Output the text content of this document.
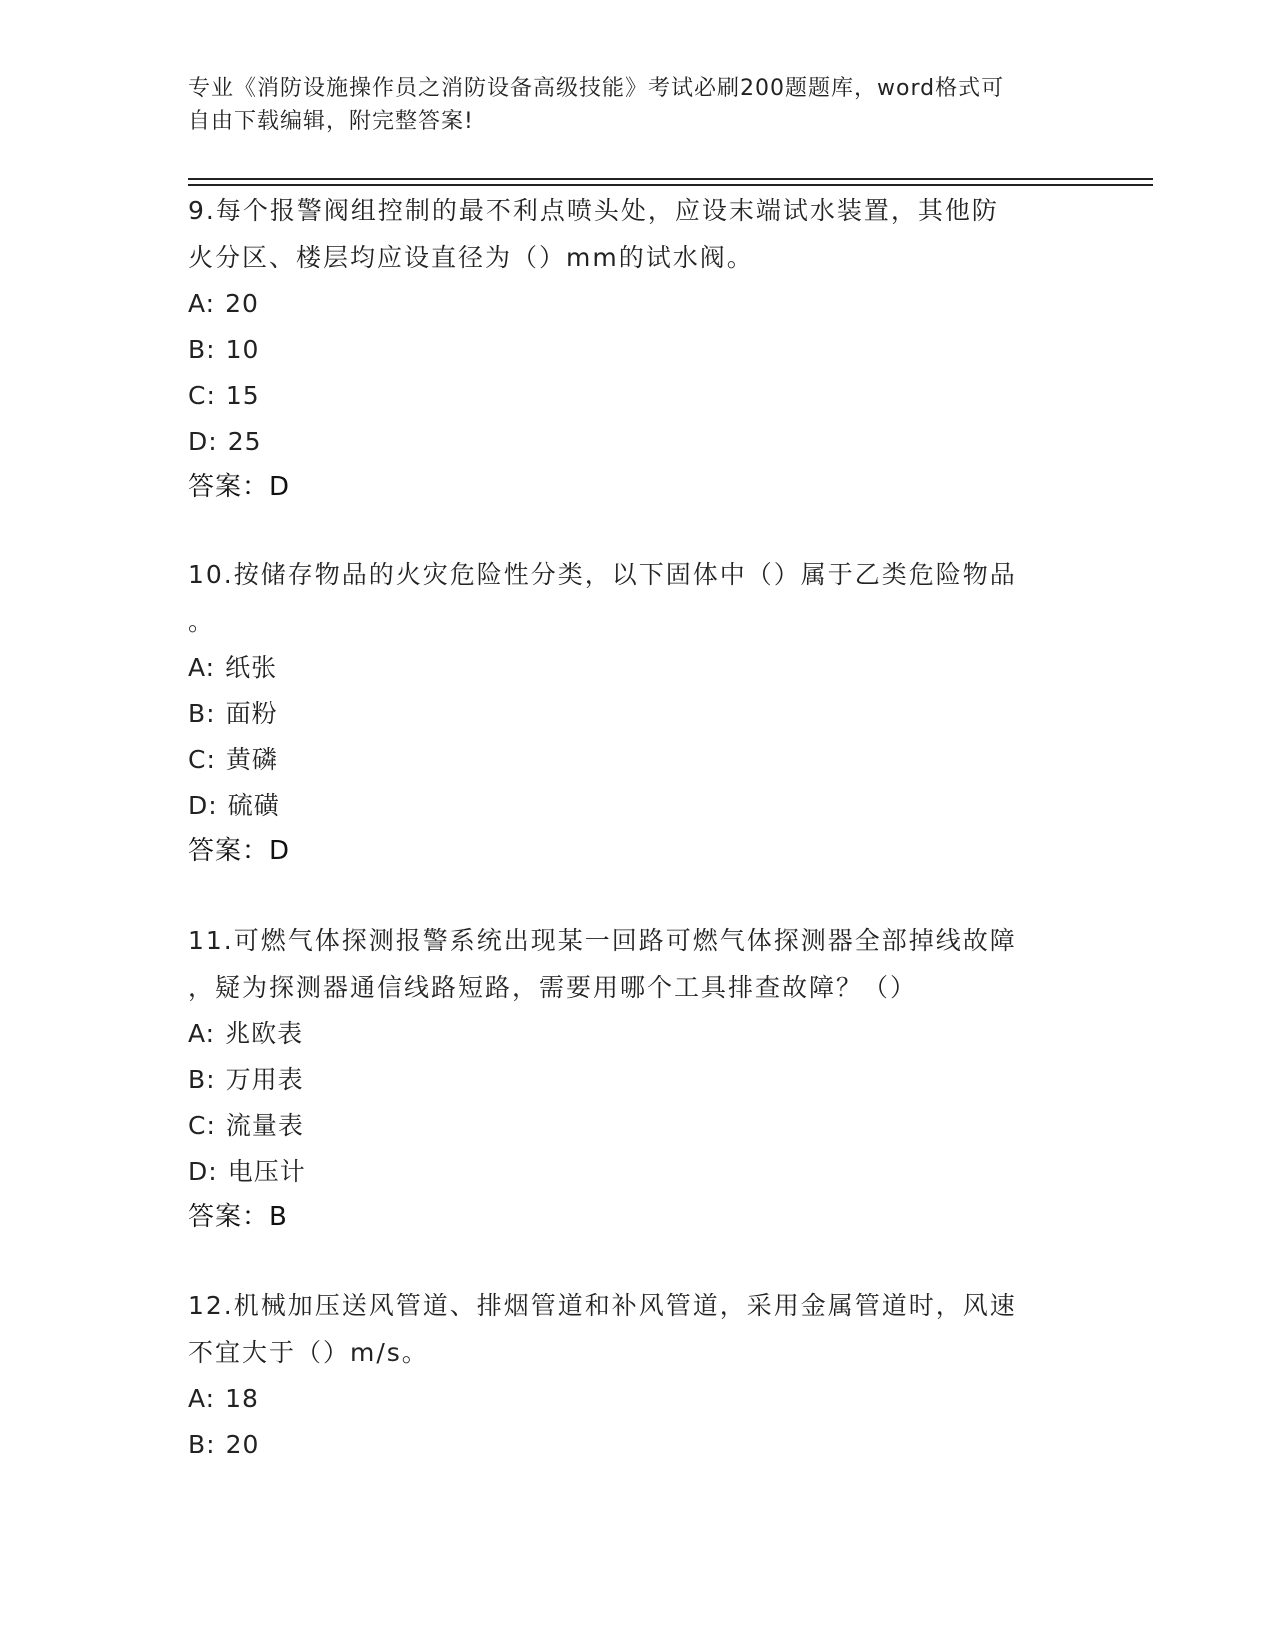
专业《消防设施操作员之消防设备高级技能》考试必刷200题题库，word格式可
自由下载编辑，附完整答案!

9.每个报警阀组控制的最不利点喷头处，应设末端试水装置，其他防

火分区、楼层均应设直径为（）mm的试水阀。

A: 20

B: 10

C: 15

D: 25

答案：D

10.按储存物品的火灾危险性分类，以下固体中（）属于乙类危险物品

。

A: 纸张

B: 面粉

C: 黄磷

D: 硫磺

答案：D

11.可燃气体探测报警系统出现某一回路可燃气体探测器全部掉线故障

，疑为探测器通信线路短路，需要用哪个工具排查故障？（）

A: 兆欧表

B: 万用表

C: 流量表

D: 电压计

答案：B

12.机械加压送风管道、排烟管道和补风管道，采用金属管道时，风速

不宜大于（）m/s。

A: 18

B: 20
